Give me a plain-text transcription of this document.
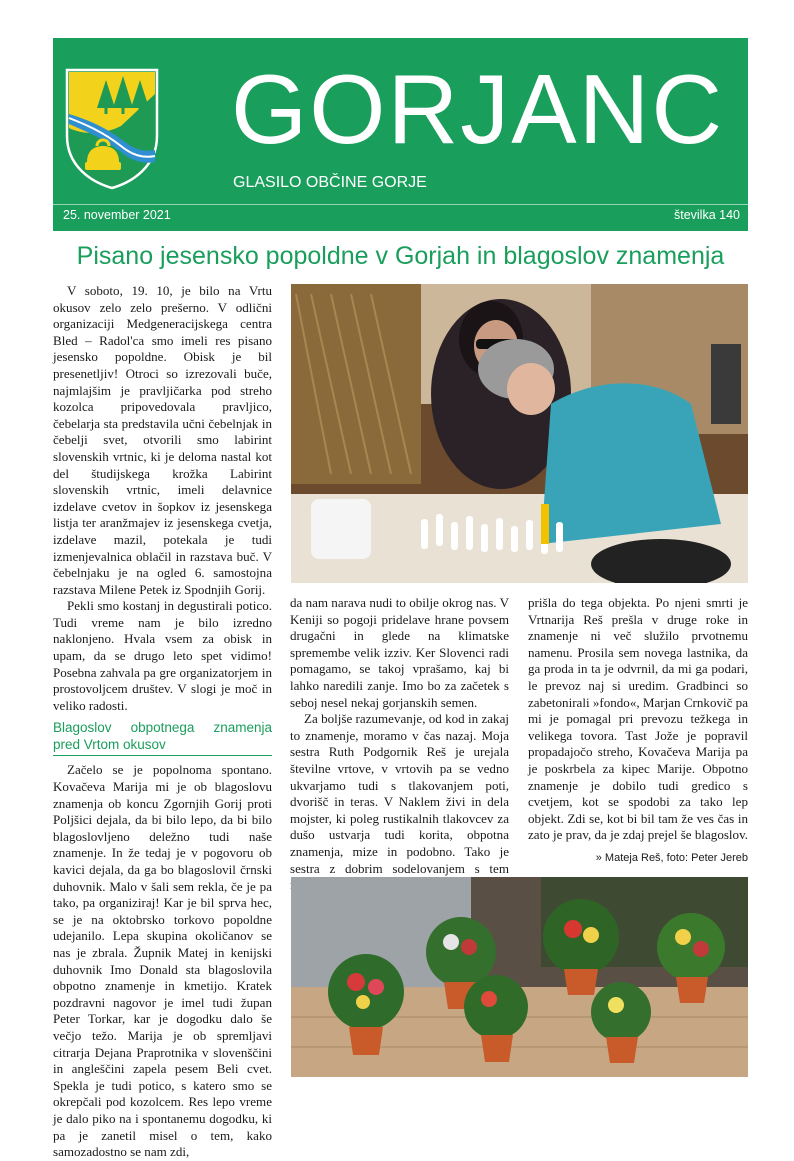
GORJANC
GLASILO OBČINE GORJE
25. november 2021	številka 140
Pisano jesensko popoldne v Gorjah in blagoslov znamenja

V soboto, 19. 10, je bilo na Vrtu okusov zelo zelo prešerno. V odlični organizaciji Medgeneracijskega centra Bled – Radol'ca smo imeli res pisano jesensko popoldne. Obisk je bil presenetljiv! Otroci so izrezovali buče, najmlajšim je pravljičarka pod streho kozolca pripovedovala pravljico, čebelarja sta predstavila učni čebelnjak in čebelji svet, otvorili smo labirint slovenskih vrtnic, ki je deloma nastal kot del študijskega krožka Labirint slovenskih vrtnic, imeli delavnice izdelave cvetov in šopkov iz jesenskega listja ter aranžmajev iz jesenskega cvetja, izdelave mazil, potekala je tudi izmenjevalnica oblačil in razstava buč. V čebelnjaku je na ogled 6. samostojna razstava Milene Petek iz Spodnjih Gorij.

Pekli smo kostanj in degustirali potico. Tudi vreme nam je bilo izredno naklonjeno. Hvala vsem za obisk in upam, da se drugo leto spet vidimo! Posebna zahvala pa gre organizatorjem in prostovoljcem društev. V slogi je moč in veliko radosti.

Blagoslov obpotnega znamenja pred Vrtom okusov

Začelo se je popolnoma spontano. Kovačeva Marija mi je ob blagoslovu znamenja ob koncu Zgornjih Gorij proti Poljšici dejala, da bi bilo lepo, da bi bilo blagoslovljeno deležno tudi naše znamenje. In že tedaj je v pogovoru ob kavici dejala, da ga bo blagoslovil črnski duhovnik. Malo v šali sem rekla, če je pa tako, pa organiziraj! Kar je bil sprva hec, se je na oktobrsko torkovo popoldne udejanilo. Lepa skupina okoličanov se nas je zbrala. Župnik Matej in kenijski duhovnik Imo Donald sta blagoslovila obpotno znamenje in kmetijo. Kratek pozdravni nagovor je imel tudi župan Peter Torkar, kar je dogodku dalo še večjo težo. Marija je ob spremljavi citrarja Dejana Praprotnika v slovenščini in angleščini zapela pesem Beli cvet. Spekla je tudi potico, s katero smo se okrepčali pod kozolcem. Res lepo vreme je dalo piko na i spontanemu dogodku, ki pa je zanetil misel o tem, kako samozadostno se nam zdi,

da nam narava nudi to obilje okrog nas. V Keniji so pogoji pridelave hrane povsem drugačni in glede na klimatske spremembe velik izziv. Ker Slovenci radi pomagamo, se takoj vprašamo, kaj bi lahko naredili zanje. Imo bo za začetek s seboj nesel nekaj gorjanskih semen.

Za boljše razumevanje, od kod in zakaj to znamenje, moramo v čas nazaj. Moja sestra Ruth Podgornik Reš je urejala številne vrtove, v vrtovih pa se vedno ukvarjamo tudi s tlakovanjem poti, dvorišč in teras. V Naklem živi in dela mojster, ki poleg rustikalnih tlakovcev za dušo ustvarja tudi korita, obpotna znamenja, mize in podobno. Tako je sestra z dobrim sodelovanjem s tem

prišla do tega objekta. Po njeni smrti je Vrtnarija Reš prešla v druge roke in znamenje ni več služilo prvotnemu namenu. Prosila sem novega lastnika, da ga proda in ta je odvrnil, da mi ga podari, le prevoz naj si uredim. Gradbinci so zabetonirali »fondo«, Marjan Crnkovič pa mi je pomagal pri prevozu težkega in velikega tovora. Tast Jože je popravil propadajočo streho, Kovačeva Marija pa je poskrbela za kipec Marije. Obpotno znamenje je dobilo tudi gredico s cvetjem, kot se spodobi za tako lep objekt. Zdi se, kot bi bil tam že ves čas in zato je prav, da je zdaj prejel še blagoslov.

» Mateja Reš, foto: Peter Jereb
